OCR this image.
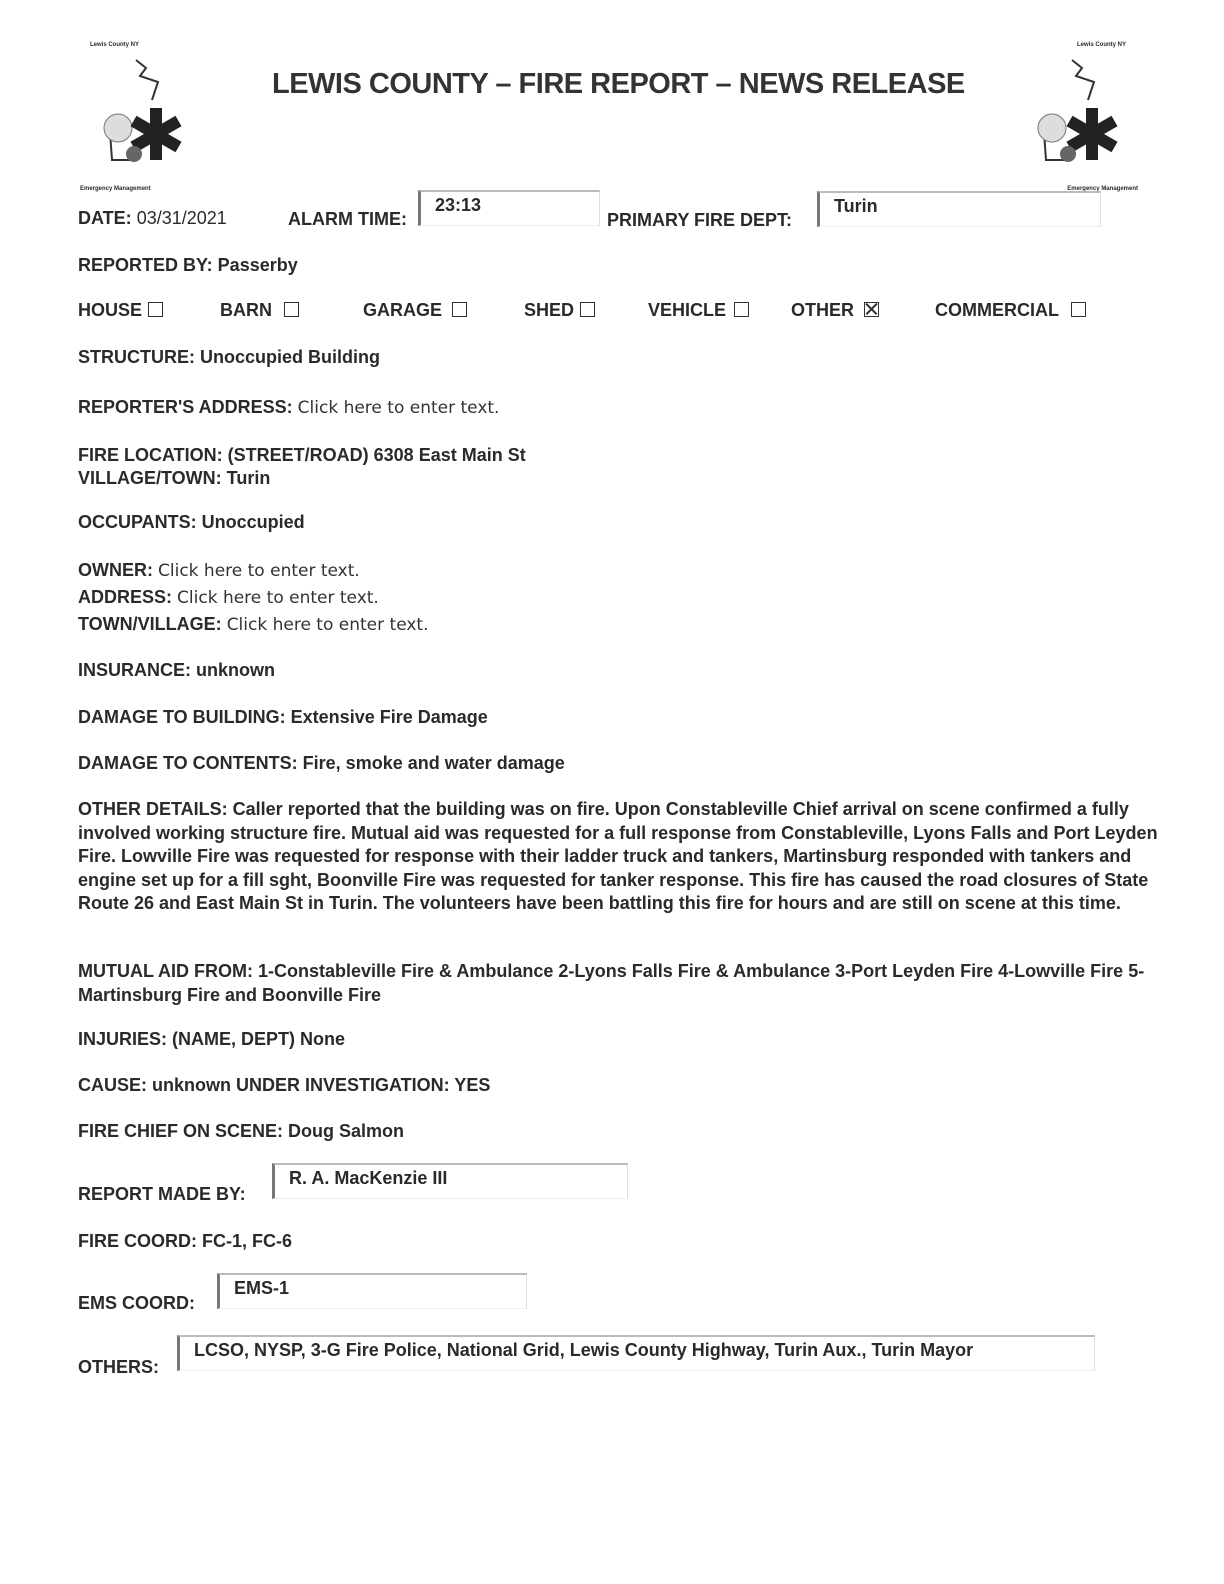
Lewis County NY
Emergency Management
Lewis County NY
Emergency Management
LEWIS COUNTY – FIRE REPORT – NEWS RELEASE
DATE: 03/31/2021	ALARM TIME:
23:13
PRIMARY FIRE DEPT:
Turin
REPORTED BY: Passerby
HOUSE	BARN	GARAGE	SHED	VEHICLE	OTHER	COMMERCIAL
STRUCTURE: Unoccupied Building
REPORTER'S ADDRESS: Click here to enter text.
FIRE LOCATION: (STREET/ROAD) 6308 East Main St
VILLAGE/TOWN: Turin
OCCUPANTS: Unoccupied
OWNER: Click here to enter text.
ADDRESS: Click here to enter text.
TOWN/VILLAGE: Click here to enter text.
INSURANCE: unknown
DAMAGE TO BUILDING: Extensive Fire Damage
DAMAGE TO CONTENTS: Fire, smoke and water damage
OTHER DETAILS: Caller reported that the building was on fire. Upon Constableville Chief arrival on scene confirmed a fully involved working structure fire. Mutual aid was requested for a full response from Constableville, Lyons Falls and Port Leyden Fire. Lowville Fire was requested for response with their ladder truck and tankers, Martinsburg responded with tankers and engine set up for a fill sght, Boonville Fire was requested for tanker response. This fire has caused the road closures of State Route 26 and East Main St in Turin. The volunteers have been battling this fire for hours and are still on scene at this time.
MUTUAL AID FROM: 1-Constableville Fire & Ambulance 2-Lyons Falls Fire & Ambulance 3-Port Leyden Fire 4-Lowville Fire 5-Martinsburg Fire and Boonville Fire
INJURIES: (NAME, DEPT) None
CAUSE: unknown UNDER INVESTIGATION: YES
FIRE CHIEF ON SCENE: Doug Salmon
REPORT MADE BY:
R. A. MacKenzie III
FIRE COORD: FC-1, FC-6
EMS COORD:
EMS-1
OTHERS:
LCSO, NYSP, 3-G Fire Police, National Grid, Lewis County Highway, Turin Aux., Turin Mayor
